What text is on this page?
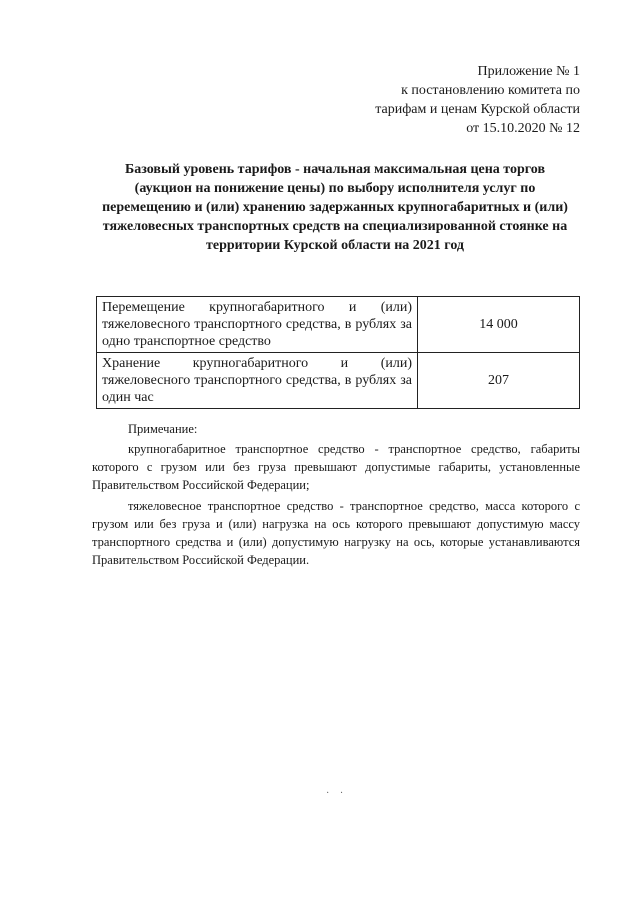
Приложение № 1
к постановлению комитета по
тарифам и ценам Курской области
от 15.10.2020 № 12
Базовый уровень тарифов - начальная максимальная цена торгов (аукцион на понижение цены) по выбору исполнителя услуг по перемещению и (или) хранению задержанных крупногабаритных и (или) тяжеловесных транспортных средств на специализированной стоянке на территории Курской области на 2021 год
Перемещение крупногабаритного и (или) тяжеловесного транспортного средства, в рублях за одно транспортное средство	14 000
Хранение крупногабаритного и (или) тяжеловесного транспортного средства, в рублях за один час	207
Примечание:

крупногабаритное транспортное средство - транспортное средство, габариты которого с грузом или без груза превышают допустимые габариты, установленные Правительством Российской Федерации;

тяжеловесное транспортное средство - транспортное средство, масса которого с грузом или без груза и (или) нагрузка на ось которого превышают допустимую массу транспортного средства и (или) допустимую нагрузку на ось, которые устанавливаются Правительством Российской Федерации.

· ·
